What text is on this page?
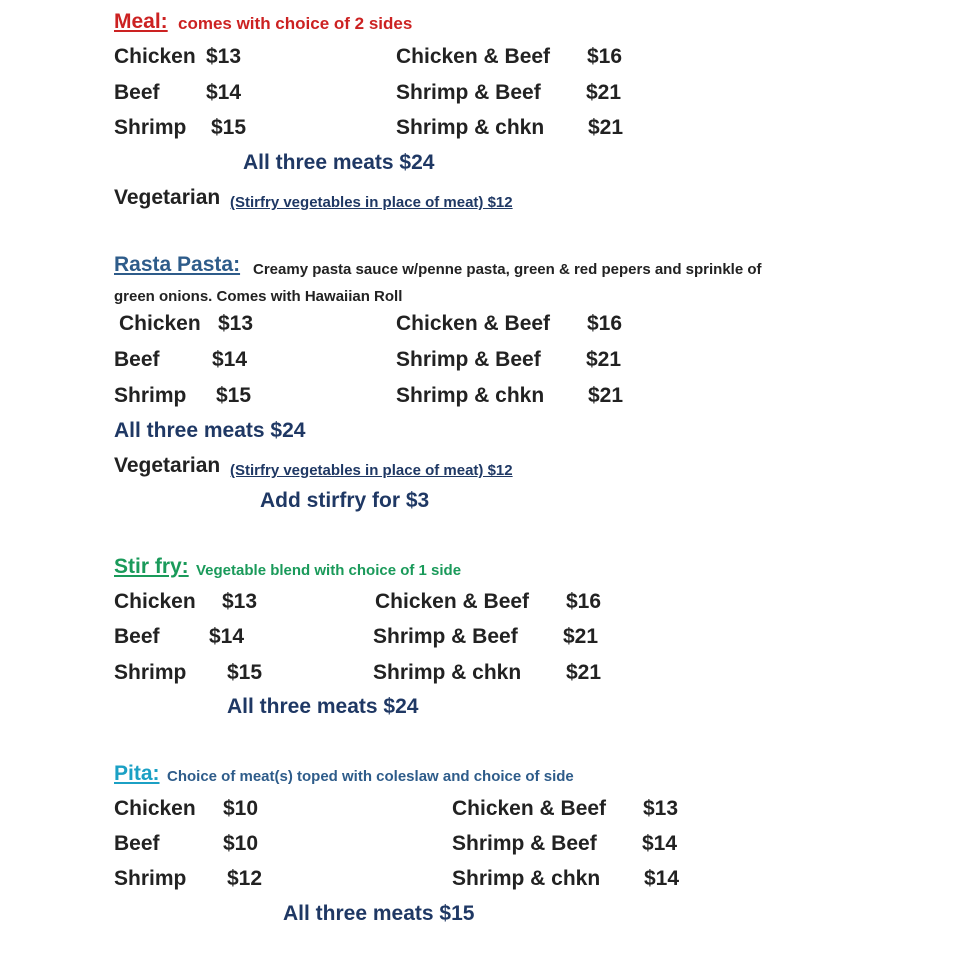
Meal: comes with choice of 2 sides
Chicken $13
Beef $14
Shrimp $15
Chicken & Beef $16
Shrimp & Beef $21
Shrimp & chkn $21
All three meats $24
Vegetarian (Stirfry vegetables in place of meat) $12
Rasta Pasta: Creamy pasta sauce w/penne pasta, green & red pepers and sprinkle of
green onions. Comes with Hawaiian Roll
Chicken $13
Beef $14
Shrimp $15
Chicken & Beef $16
Shrimp & Beef $21
Shrimp & chkn $21
All three meats $24
Vegetarian (Stirfry vegetables in place of meat) $12
Add stirfry for $3
Stir fry: Vegetable blend with choice of 1 side
Chicken $13
Beef $14
Shrimp $15
Chicken & Beef $16
Shrimp & Beef $21
Shrimp & chkn $21
All three meats $24
Pita: Choice of meat(s) toped with coleslaw and choice of side
Chicken $10
Beef	$10
Shrimp $12
Chicken & Beef $13
Shrimp & Beef $14
Shrimp & chkn $14
All three meats $15
